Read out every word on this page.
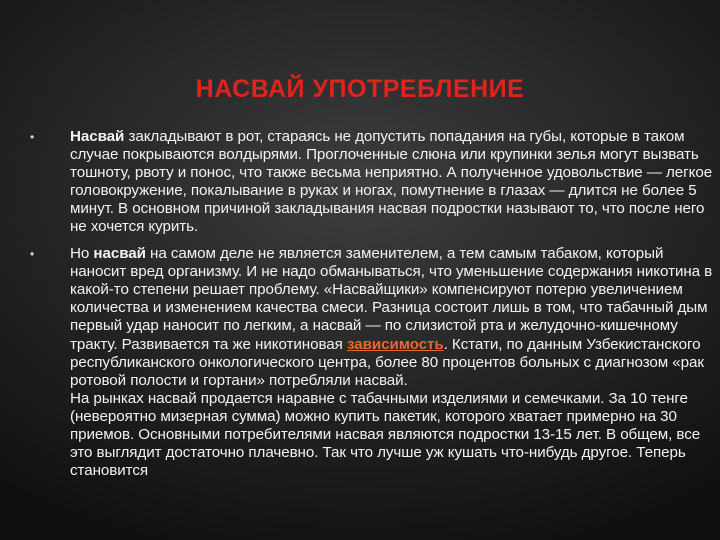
НАСВАЙ УПОТРЕБЛЕНИЕ
• Насвай закладывают в рот, стараясь не допустить попадания на губы, которые в таком случае покрываются волдырями. Проглоченные слюна или крупинки зелья могут вызвать тошноту, рвоту и понос, что также весьма неприятно. А полученное удовольствие — легкое головокружение, покалывание в руках и ногах, помутнение в глазах — длится не более 5 минут. В основном причиной закладывания насвая подростки называют то, что после него не хочется курить.

• Но насвай на самом деле не является заменителем, а тем самым табаком, который наносит вред организму. И не надо обманываться, что уменьшение содержания никотина в какой-то степени решает проблему. «Насвайщики» компенсируют потерю увеличением количества и изменением качества смеси. Разница состоит лишь в том, что табачный дым первый удар наносит по легким, а насвай — по слизистой рта и желудочно-кишечному тракту. Развивается та же никотиновая зависимость. Кстати, по данным Узбекистанского республиканского онкологического центра, более 80 процентов больных с диагнозом «рак ротовой полости и гортани» потребляли насвай.
На рынках насвай продается наравне с табачными изделиями и семечками. За 10 тенге (невероятно мизерная сумма) можно купить пакетик, которого хватает примерно на 30 приемов. Основными потребителями насвая являются подростки 13-15 лет. В общем, все это выглядит достаточно плачевно. Так что лучше уж кушать что-нибудь другое. Теперь становится
